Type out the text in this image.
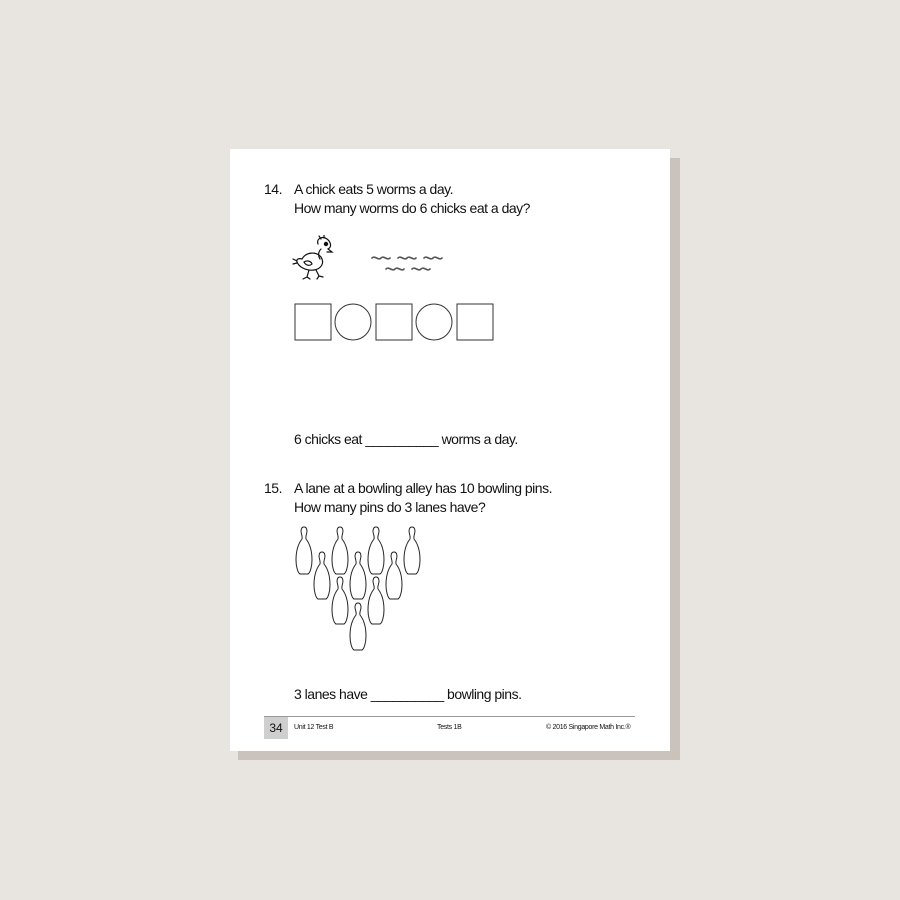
14. A chick eats 5 worms a day.
How many worms do 6 chicks eat a day?
6 chicks eat __________ worms a day.
15. A lane at a bowling alley has 10 bowling pins.
How many pins do 3 lanes have?
3 lanes have __________ bowling pins.
34	Unit 12 Test B	Tests 1B	© 2016 Singapore Math Inc.®
